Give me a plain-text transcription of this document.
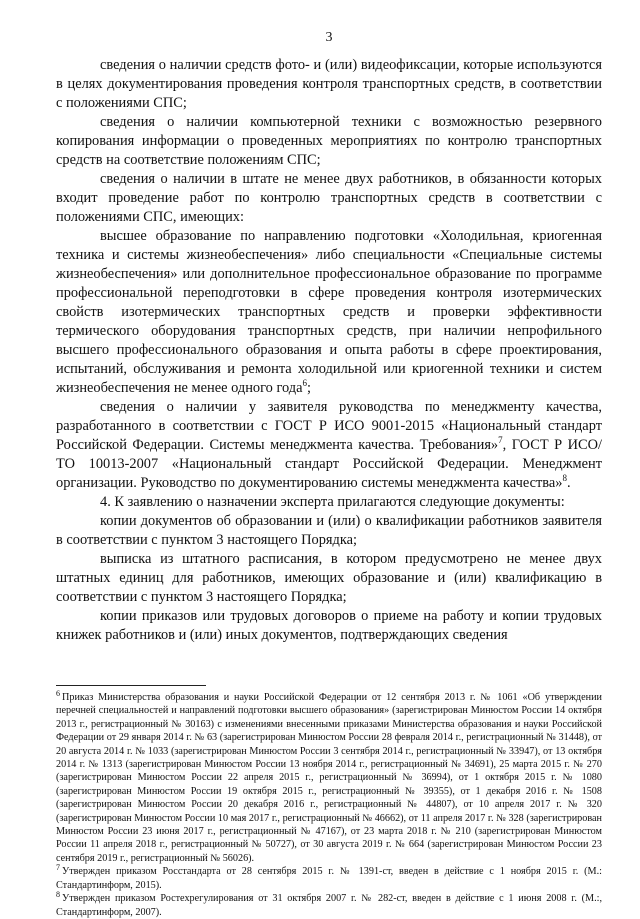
3

сведения о наличии средств фото- и (или) видеофиксации, которые используются в целях документирования проведения контроля транспортных средств, в соответствии с положениями СПС;

сведения о наличии компьютерной техники с возможностью резервного копирования информации о проведенных мероприятиях по контролю транспортных средств на соответствие положениям СПС;

сведения о наличии в штате не менее двух работников, в обязанности которых входит проведение работ по контролю транспортных средств в соответствии с положениями СПС, имеющих:

высшее образование по направлению подготовки «Холодильная, криогенная техника и системы жизнеобеспечения» либо специальности «Специальные системы жизнеобеспечения» или дополнительное профессиональное образование по программе профессиональной переподготовки в сфере проведения контроля изотермических свойств изотермических транспортных средств и проверки эффективности термического оборудования транспортных средств, при наличии непрофильного высшего профессионального образования и опыта работы в сфере проектирования, испытаний, обслуживания и ремонта холодильной или криогенной техники и систем жизнеобеспечения не менее одного года$^6$;

сведения о наличии у заявителя руководства по менеджменту качества, разработанного в соответствии с ГОСТ Р ИСО 9001-2015 «Национальный стандарт Российской Федерации. Системы менеджмента качества. Требования»$^7$, ГОСТ Р ИСО/ТО 10013-2007 «Национальный стандарт Российской Федерации. Менеджмент организации. Руководство по документированию системы менеджмента качества»$^8$.

4. К заявлению о назначении эксперта прилагаются следующие документы:

копии документов об образовании и (или) о квалификации работников заявителя в соответствии с пунктом 3 настоящего Порядка;

выписка из штатного расписания, в котором предусмотрено не менее двух штатных единиц для работников, имеющих образование и (или) квалификацию в соответствии с пунктом 3 настоящего Порядка;

копии приказов или трудовых договоров о приеме на работу и копии трудовых книжек работников и (или) иных документов, подтверждающих сведения

$^6$ Приказ Министерства образования и науки Российской Федерации от 12 сентября 2013 г. № 1061 «Об утверждении перечней специальностей и направлений подготовки высшего образования» (зарегистрирован Минюстом России 14 октября 2013 г., регистрационный № 30163) с изменениями внесенными приказами Министерства образования и науки Российской Федерации от 29 января 2014 г. № 63 (зарегистрирован Минюстом России 28 февраля 2014 г., регистрационный № 31448), от 20 августа 2014 г. № 1033 (зарегистрирован Минюстом России 3 сентября 2014 г., регистрационный № 33947), от 13 октября 2014 г. № 1313 (зарегистрирован Минюстом России 13 ноября 2014 г., регистрационный № 34691), 25 марта 2015 г. № 270 (зарегистрирован Минюстом России 22 апреля 2015 г., регистрационный № 36994), от 1 октября 2015 г. № 1080 (зарегистрирован Минюстом России 19 октября 2015 г., регистрационный № 39355), от 1 декабря 2016 г. № 1508 (зарегистрирован Минюстом России 20 декабря 2016 г., регистрационный № 44807), от 10 апреля 2017 г. № 320 (зарегистрирован Минюстом России 10 мая 2017 г., регистрационный № 46662), от 11 апреля 2017 г. № 328 (зарегистрирован Минюстом России 23 июня 2017 г., регистрационный № 47167), от 23 марта 2018 г. № 210 (зарегистрирован Минюстом России 11 апреля 2018 г., регистрационный № 50727), от 30 августа 2019 г. № 664 (зарегистрирован Минюстом России 23 сентября 2019 г., регистрационный № 56026).

$^7$ Утвержден приказом Росстандарта от 28 сентября 2015 г. № 1391-ст, введен в действие с 1 ноября 2015 г. (М.: Стандартинформ, 2015).

$^8$ Утвержден приказом Ростехрегулирования от 31 октября 2007 г. № 282-ст, введен в действие с 1 июня 2008 г. (М.:, Стандартинформ, 2007).
